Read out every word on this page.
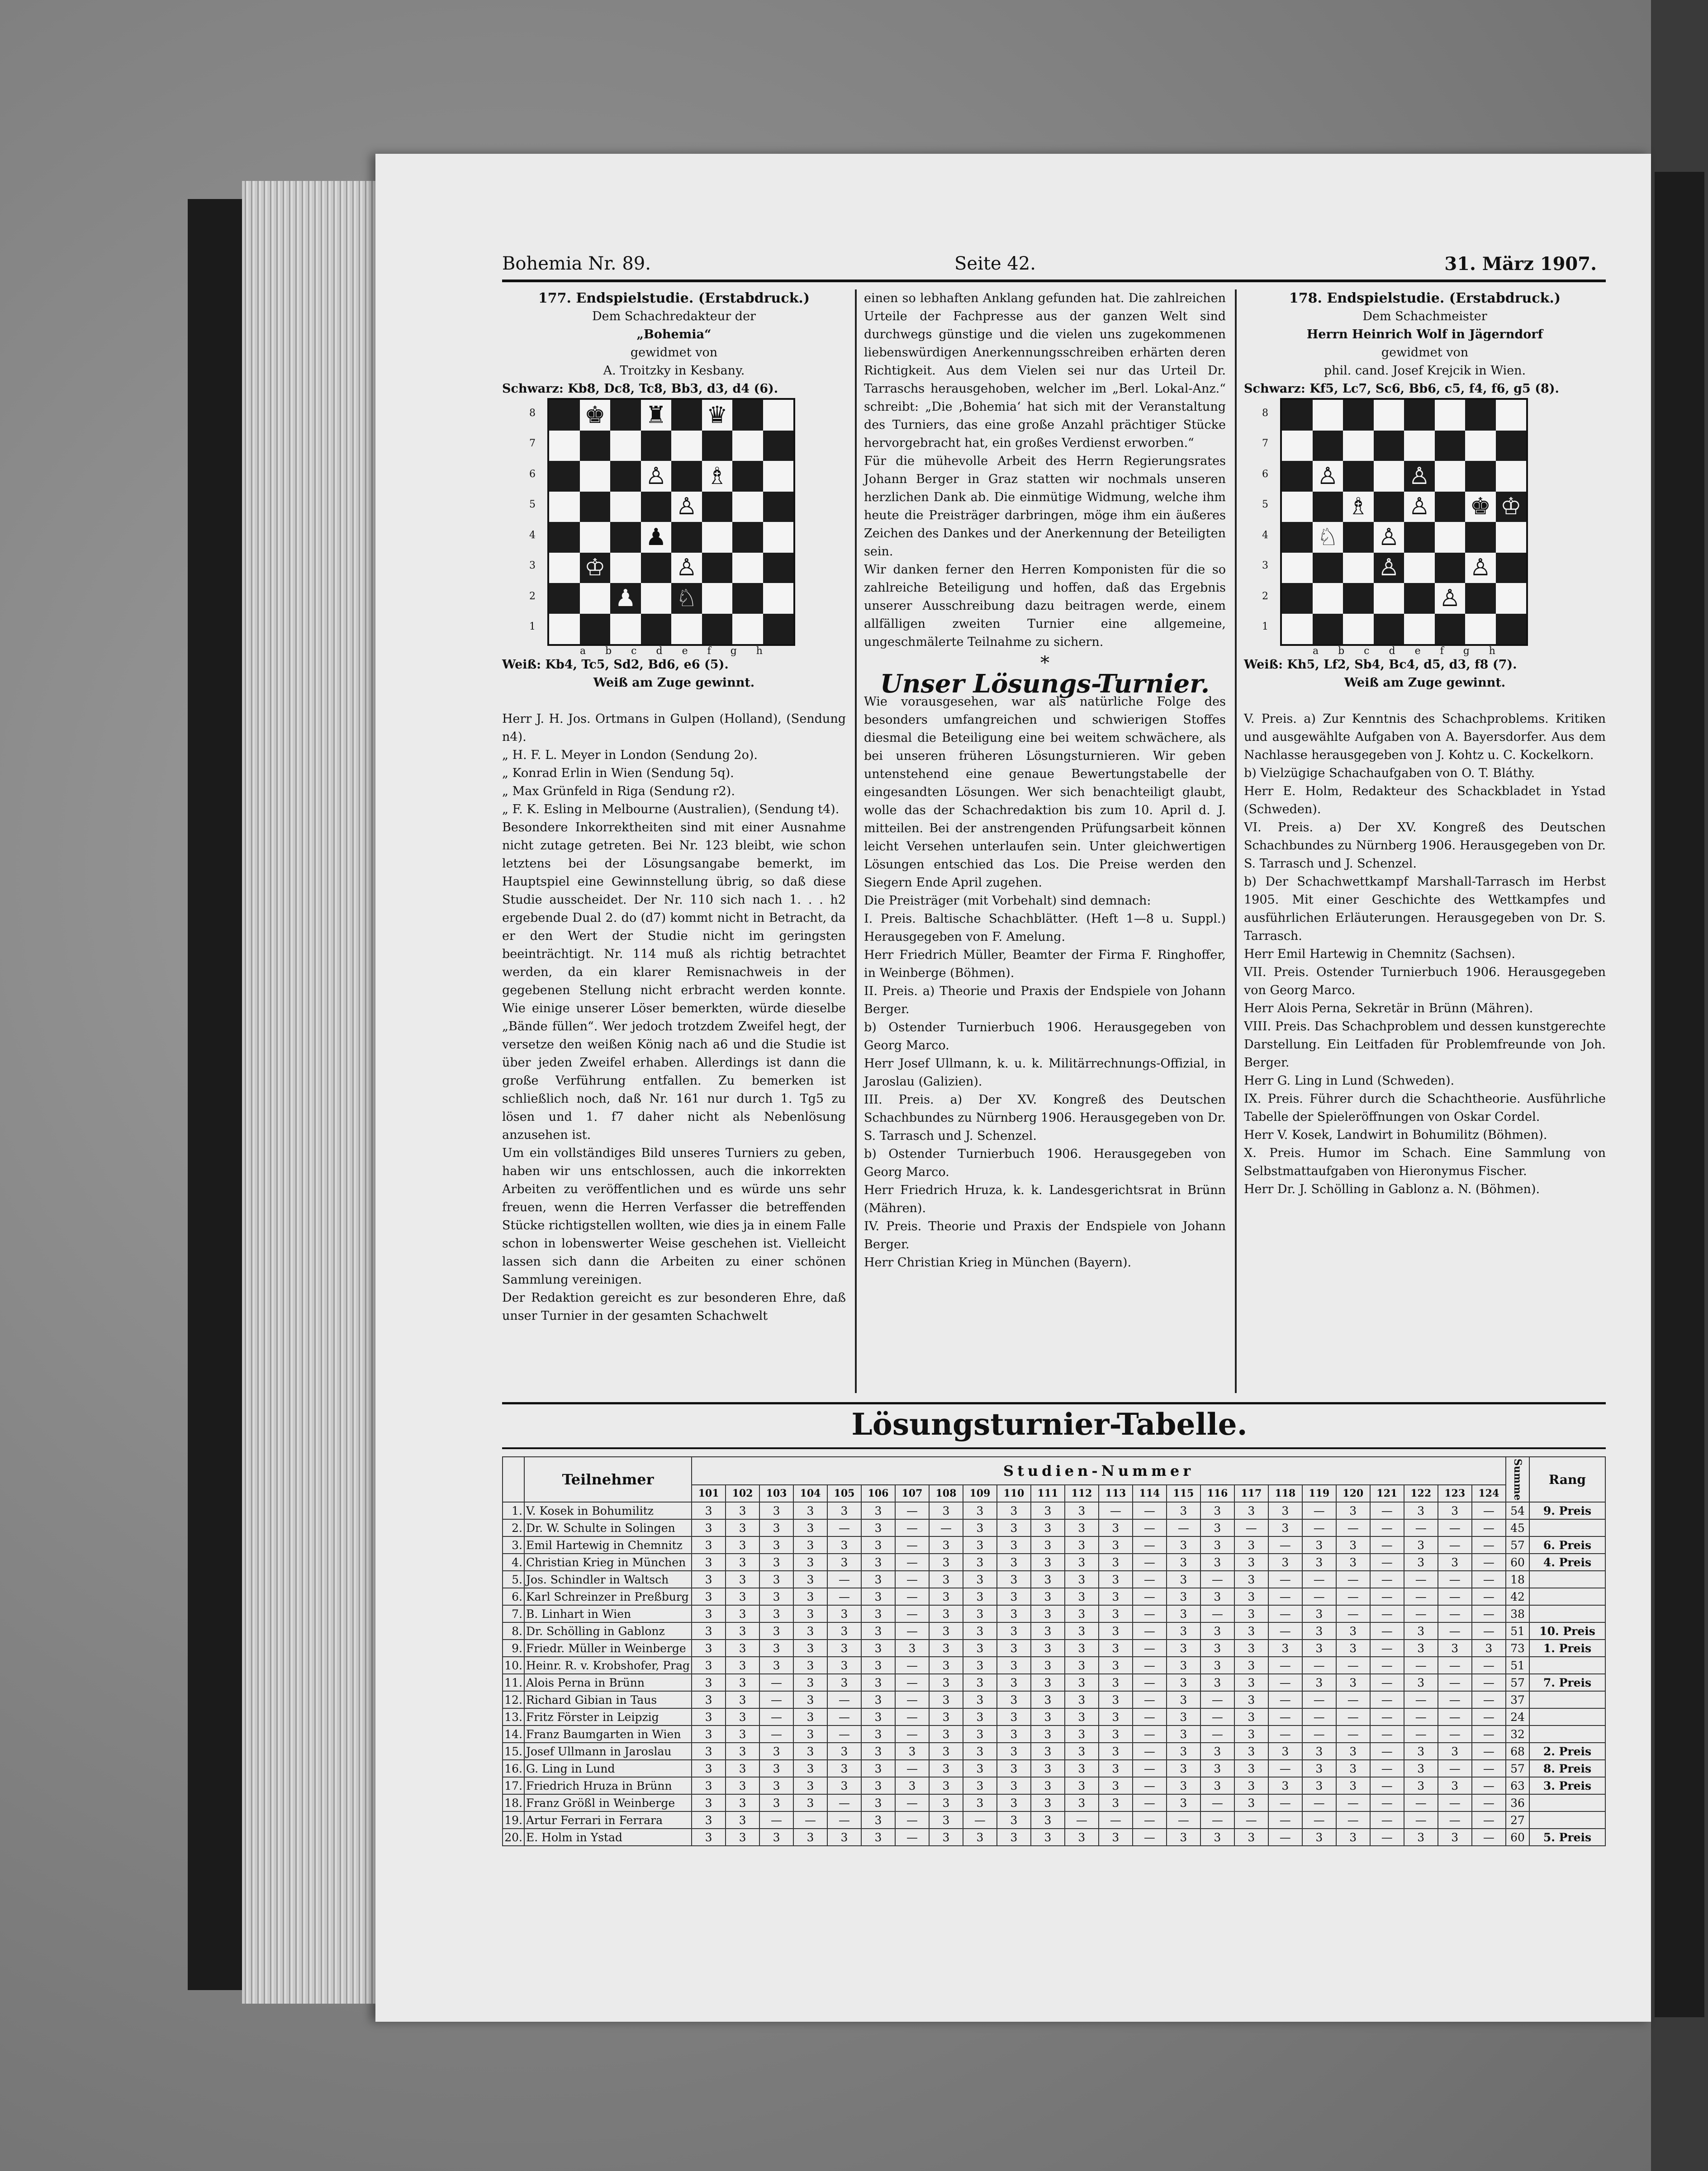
Bohemia Nr. 89.	Seite 42.	31. März 1907.
177. Endspielstudie. (Erstabdruck.)
Dem Schachredakteur der
„Bohemia“
gewidmet von
A. Troitzky in Kesbany.
Schwarz: Kb8, Dc8, Tc8, Bb3, d3, d4 (6).
8
7
6
5
4
3
2
1
♚ ♜ ♛
♙ ♗
♙
♟
♔	♙
♟ ♘
a b c d e f g h
Weiß: Kb4, Tc5, Sd2, Bd6, e6 (5).
Weiß am Zuge gewinnt.

Herr J. H. Jos. Ortmans in Gulpen (Holland), (Sendung n4).

„ H. F. L. Meyer in London (Sendung 2o).

„ Konrad Erlin in Wien (Sendung 5q).

„ Max Grünfeld in Riga (Sendung r2).

„ F. K. Esling in Melbourne (Australien), (Sendung t4).

Besondere Inkorrektheiten sind mit einer Ausnahme nicht zutage getreten. Bei Nr. 123 bleibt, wie schon letztens bei der Lösungsangabe bemerkt, im Hauptspiel eine Gewinnstellung übrig, so daß diese Studie ausscheidet. Der Nr. 110 sich nach 1. . . h2 ergebende Dual 2. do (d7) kommt nicht in Betracht, da er den Wert der Studie nicht im geringsten beeinträchtigt. Nr. 114 muß als richtig betrachtet werden, da ein klarer Remisnachweis in der gegebenen Stellung nicht erbracht werden konnte. Wie einige unserer Löser bemerkten, würde dieselbe „Bände füllen“. Wer jedoch trotzdem Zweifel hegt, der versetze den weißen König nach a6 und die Studie ist über jeden Zweifel erhaben. Allerdings ist dann die große Verführung entfallen. Zu bemerken ist schließlich noch, daß Nr. 161 nur durch 1. Tg5 zu lösen und 1. f7 daher nicht als Nebenlösung anzusehen ist.

Um ein vollständiges Bild unseres Turniers zu geben, haben wir uns entschlossen, auch die inkorrekten Arbeiten zu veröffentlichen und es würde uns sehr freuen, wenn die Herren Verfasser die betreffenden Stücke richtigstellen wollten, wie dies ja in einem Falle schon in lobenswerter Weise geschehen ist. Vielleicht lassen sich dann die Arbeiten zu einer schönen Sammlung vereinigen.

Der Redaktion gereicht es zur besonderen Ehre, daß unser Turnier in der gesamten Schachwelt

einen so lebhaften Anklang gefunden hat. Die zahlreichen Urteile der Fachpresse aus der ganzen Welt sind durchwegs günstige und die vielen uns zugekommenen liebenswürdigen Anerkennungsschreiben erhärten deren Richtigkeit. Aus dem Vielen sei nur das Urteil Dr. Tarraschs herausgehoben, welcher im „Berl. Lokal-Anz.“ schreibt: „Die ‚Bohemia‘ hat sich mit der Veranstaltung des Turniers, das eine große Anzahl prächtiger Stücke hervorgebracht hat, ein großes Verdienst erworben.“

Für die mühevolle Arbeit des Herrn Regierungsrates Johann Berger in Graz statten wir nochmals unseren herzlichen Dank ab. Die einmütige Widmung, welche ihm heute die Preisträger darbringen, möge ihm ein äußeres Zeichen des Dankes und der Anerkennung der Beteiligten sein.

Wir danken ferner den Herren Komponisten für die so zahlreiche Beteiligung und hoffen, daß das Ergebnis unserer Ausschreibung dazu beitragen werde, einem allfälligen zweiten Turnier eine allgemeine, ungeschmälerte Teilnahme zu sichern.

*
Unser Lösungs-Turnier.

Wie vorausgesehen, war als natürliche Folge des besonders umfangreichen und schwierigen Stoffes diesmal die Beteiligung eine bei weitem schwächere, als bei unseren früheren Lösungsturnieren. Wir geben untenstehend eine genaue Bewertungstabelle der eingesandten Lösungen. Wer sich benachteiligt glaubt, wolle das der Schachredaktion bis zum 10. April d. J. mitteilen. Bei der anstrengenden Prüfungsarbeit können leicht Versehen unterlaufen sein. Unter gleichwertigen Lösungen entschied das Los. Die Preise werden den Siegern Ende April zugehen.

Die Preisträger (mit Vorbehalt) sind demnach:

I. Preis. Baltische Schachblätter. (Heft 1—8 u. Suppl.) Herausgegeben von F. Amelung.

Herr Friedrich Müller, Beamter der Firma F. Ringhoffer, in Weinberge (Böhmen).

II. Preis. a) Theorie und Praxis der Endspiele von Johann Berger.

b) Ostender Turnierbuch 1906. Herausgegeben von Georg Marco.

Herr Josef Ullmann, k. u. k. Militärrechnungs-Offizial, in Jaroslau (Galizien).

III. Preis. a) Der XV. Kongreß des Deutschen Schachbundes zu Nürnberg 1906. Herausgegeben von Dr. S. Tarrasch und J. Schenzel.

b) Ostender Turnierbuch 1906. Herausgegeben von Georg Marco.

Herr Friedrich Hruza, k. k. Landesgerichtsrat in Brünn (Mähren).

IV. Preis. Theorie und Praxis der Endspiele von Johann Berger.

Herr Christian Krieg in München (Bayern).

178. Endspielstudie. (Erstabdruck.)
Dem Schachmeister
Herrn Heinrich Wolf in Jägerndorf
gewidmet von
phil. cand. Josef Krejcik in Wien.
Schwarz: Kf5, Lc7, Sc6, Bb6, c5, f4, f6, g5 (8).
8
7
6
5
4
3
2
1
♙	♙
♗ ♙ ♚ ♔
♘ ♙
♙	♙
♙
a b c d e f g h
Weiß: Kh5, Lf2, Sb4, Bc4, d5, d3, f8 (7).
Weiß am Zuge gewinnt.

V. Preis. a) Zur Kenntnis des Schachproblems. Kritiken und ausgewählte Aufgaben von A. Bayersdorfer. Aus dem Nachlasse herausgegeben von J. Kohtz u. C. Kockelkorn.

b) Vielzügige Schachaufgaben von O. T. Bláthy.

Herr E. Holm, Redakteur des Schackbladet in Ystad (Schweden).

VI. Preis. a) Der XV. Kongreß des Deutschen Schachbundes zu Nürnberg 1906. Herausgegeben von Dr. S. Tarrasch und J. Schenzel.

b) Der Schachwettkampf Marshall-Tarrasch im Herbst 1905. Mit einer Geschichte des Wettkampfes und ausführlichen Erläuterungen. Herausgegeben von Dr. S. Tarrasch.

Herr Emil Hartewig in Chemnitz (Sachsen).

VII. Preis. Ostender Turnierbuch 1906. Herausgegeben von Georg Marco.

Herr Alois Perna, Sekretär in Brünn (Mähren).

VIII. Preis. Das Schachproblem und dessen kunstgerechte Darstellung. Ein Leitfaden für Problemfreunde von Joh. Berger.

Herr G. Ling in Lund (Schweden).

IX. Preis. Führer durch die Schachtheorie. Ausführliche Tabelle der Spieleröffnungen von Oskar Cordel.

Herr V. Kosek, Landwirt in Bohumilitz (Böhmen).

X. Preis. Humor im Schach. Eine Sammlung von Selbstmattaufgaben von Hieronymus Fischer.

Herr Dr. J. Schölling in Gablonz a. N. (Böhmen).

Lösungsturnier-Tabelle.
	Teilnehmer	Studien-Nummer																								Summe	Rang
		101	102	103	104	105	106	107	108	109	110	111	112	113	114	115	116	117	118	119	120	121	122	123	124		
1.	V. Kosek in Bohumilitz	3	3	3	3	3	3	—	3	3	3	3	3	—	—	3	3	3	3	—	3	—	3	3	—	54	9. Preis
2.	Dr. W. Schulte in Solingen	3	3	3	3	—	3	—	—	3	3	3	3	3	—	—	3	—	3	—	—	—	—	—	—	45	
3.	Emil Hartewig in Chemnitz	3	3	3	3	3	3	—	3	3	3	3	3	3	—	3	3	3	—	3	3	—	3	—	—	57	6. Preis
4.	Christian Krieg in München	3	3	3	3	3	3	—	3	3	3	3	3	3	—	3	3	3	3	3	3	—	3	3	—	60	4. Preis
5.	Jos. Schindler in Waltsch	3	3	3	3	—	3	—	3	3	3	3	3	3	—	3	—	3	—	—	—	—	—	—	—	18	
6.	Karl Schreinzer in Preßburg	3	3	3	3	—	3	—	3	3	3	3	3	3	—	3	3	3	—	—	—	—	—	—	—	42	
7.	B. Linhart in Wien	3	3	3	3	3	3	—	3	3	3	3	3	3	—	3	—	3	—	3	—	—	—	—	—	38	
8.	Dr. Schölling in Gablonz	3	3	3	3	3	3	—	3	3	3	3	3	3	—	3	3	3	—	3	3	—	3	—	—	51	10. Preis
9.	Friedr. Müller in Weinberge	3	3	3	3	3	3	3	3	3	3	3	3	3	—	3	3	3	3	3	3	—	3	3	3	73	1. Preis
10.	Heinr. R. v. Krobshofer, Prag	3	3	3	3	3	3	—	3	3	3	3	3	3	—	3	3	3	—	—	—	—	—	—	—	51	
11.	Alois Perna in Brünn	3	3	—	3	3	3	—	3	3	3	3	3	3	—	3	3	3	—	3	3	—	3	—	—	57	7. Preis
12.	Richard Gibian in Taus	3	3	—	3	—	3	—	3	3	3	3	3	3	—	3	—	3	—	—	—	—	—	—	—	37	
13.	Fritz Förster in Leipzig	3	3	—	3	—	3	—	3	3	3	3	3	3	—	3	—	3	—	—	—	—	—	—	—	24	
14.	Franz Baumgarten in Wien	3	3	—	3	—	3	—	3	3	3	3	3	3	—	3	—	3	—	—	—	—	—	—	—	32	
15.	Josef Ullmann in Jaroslau	3	3	3	3	3	3	3	3	3	3	3	3	3	—	3	3	3	3	3	3	—	3	3	—	68	2. Preis
16.	G. Ling in Lund	3	3	3	3	3	3	—	3	3	3	3	3	3	—	3	3	3	—	3	3	—	3	—	—	57	8. Preis
17.	Friedrich Hruza in Brünn	3	3	3	3	3	3	3	3	3	3	3	3	3	—	3	3	3	3	3	3	—	3	3	—	63	3. Preis
18.	Franz Größl in Weinberge	3	3	3	3	—	3	—	3	3	3	3	3	3	—	3	—	3	—	—	—	—	—	—	—	36	
19.	Artur Ferrari in Ferrara	3	3	—	—	—	3	—	3	—	3	3	—	—	—	—	—	—	—	—	—	—	—	—	—	27	
20.	E. Holm in Ystad	3	3	3	3	3	3	—	3	3	3	3	3	3	—	3	3	3	—	3	3	—	3	3	—	60	5. Preis
